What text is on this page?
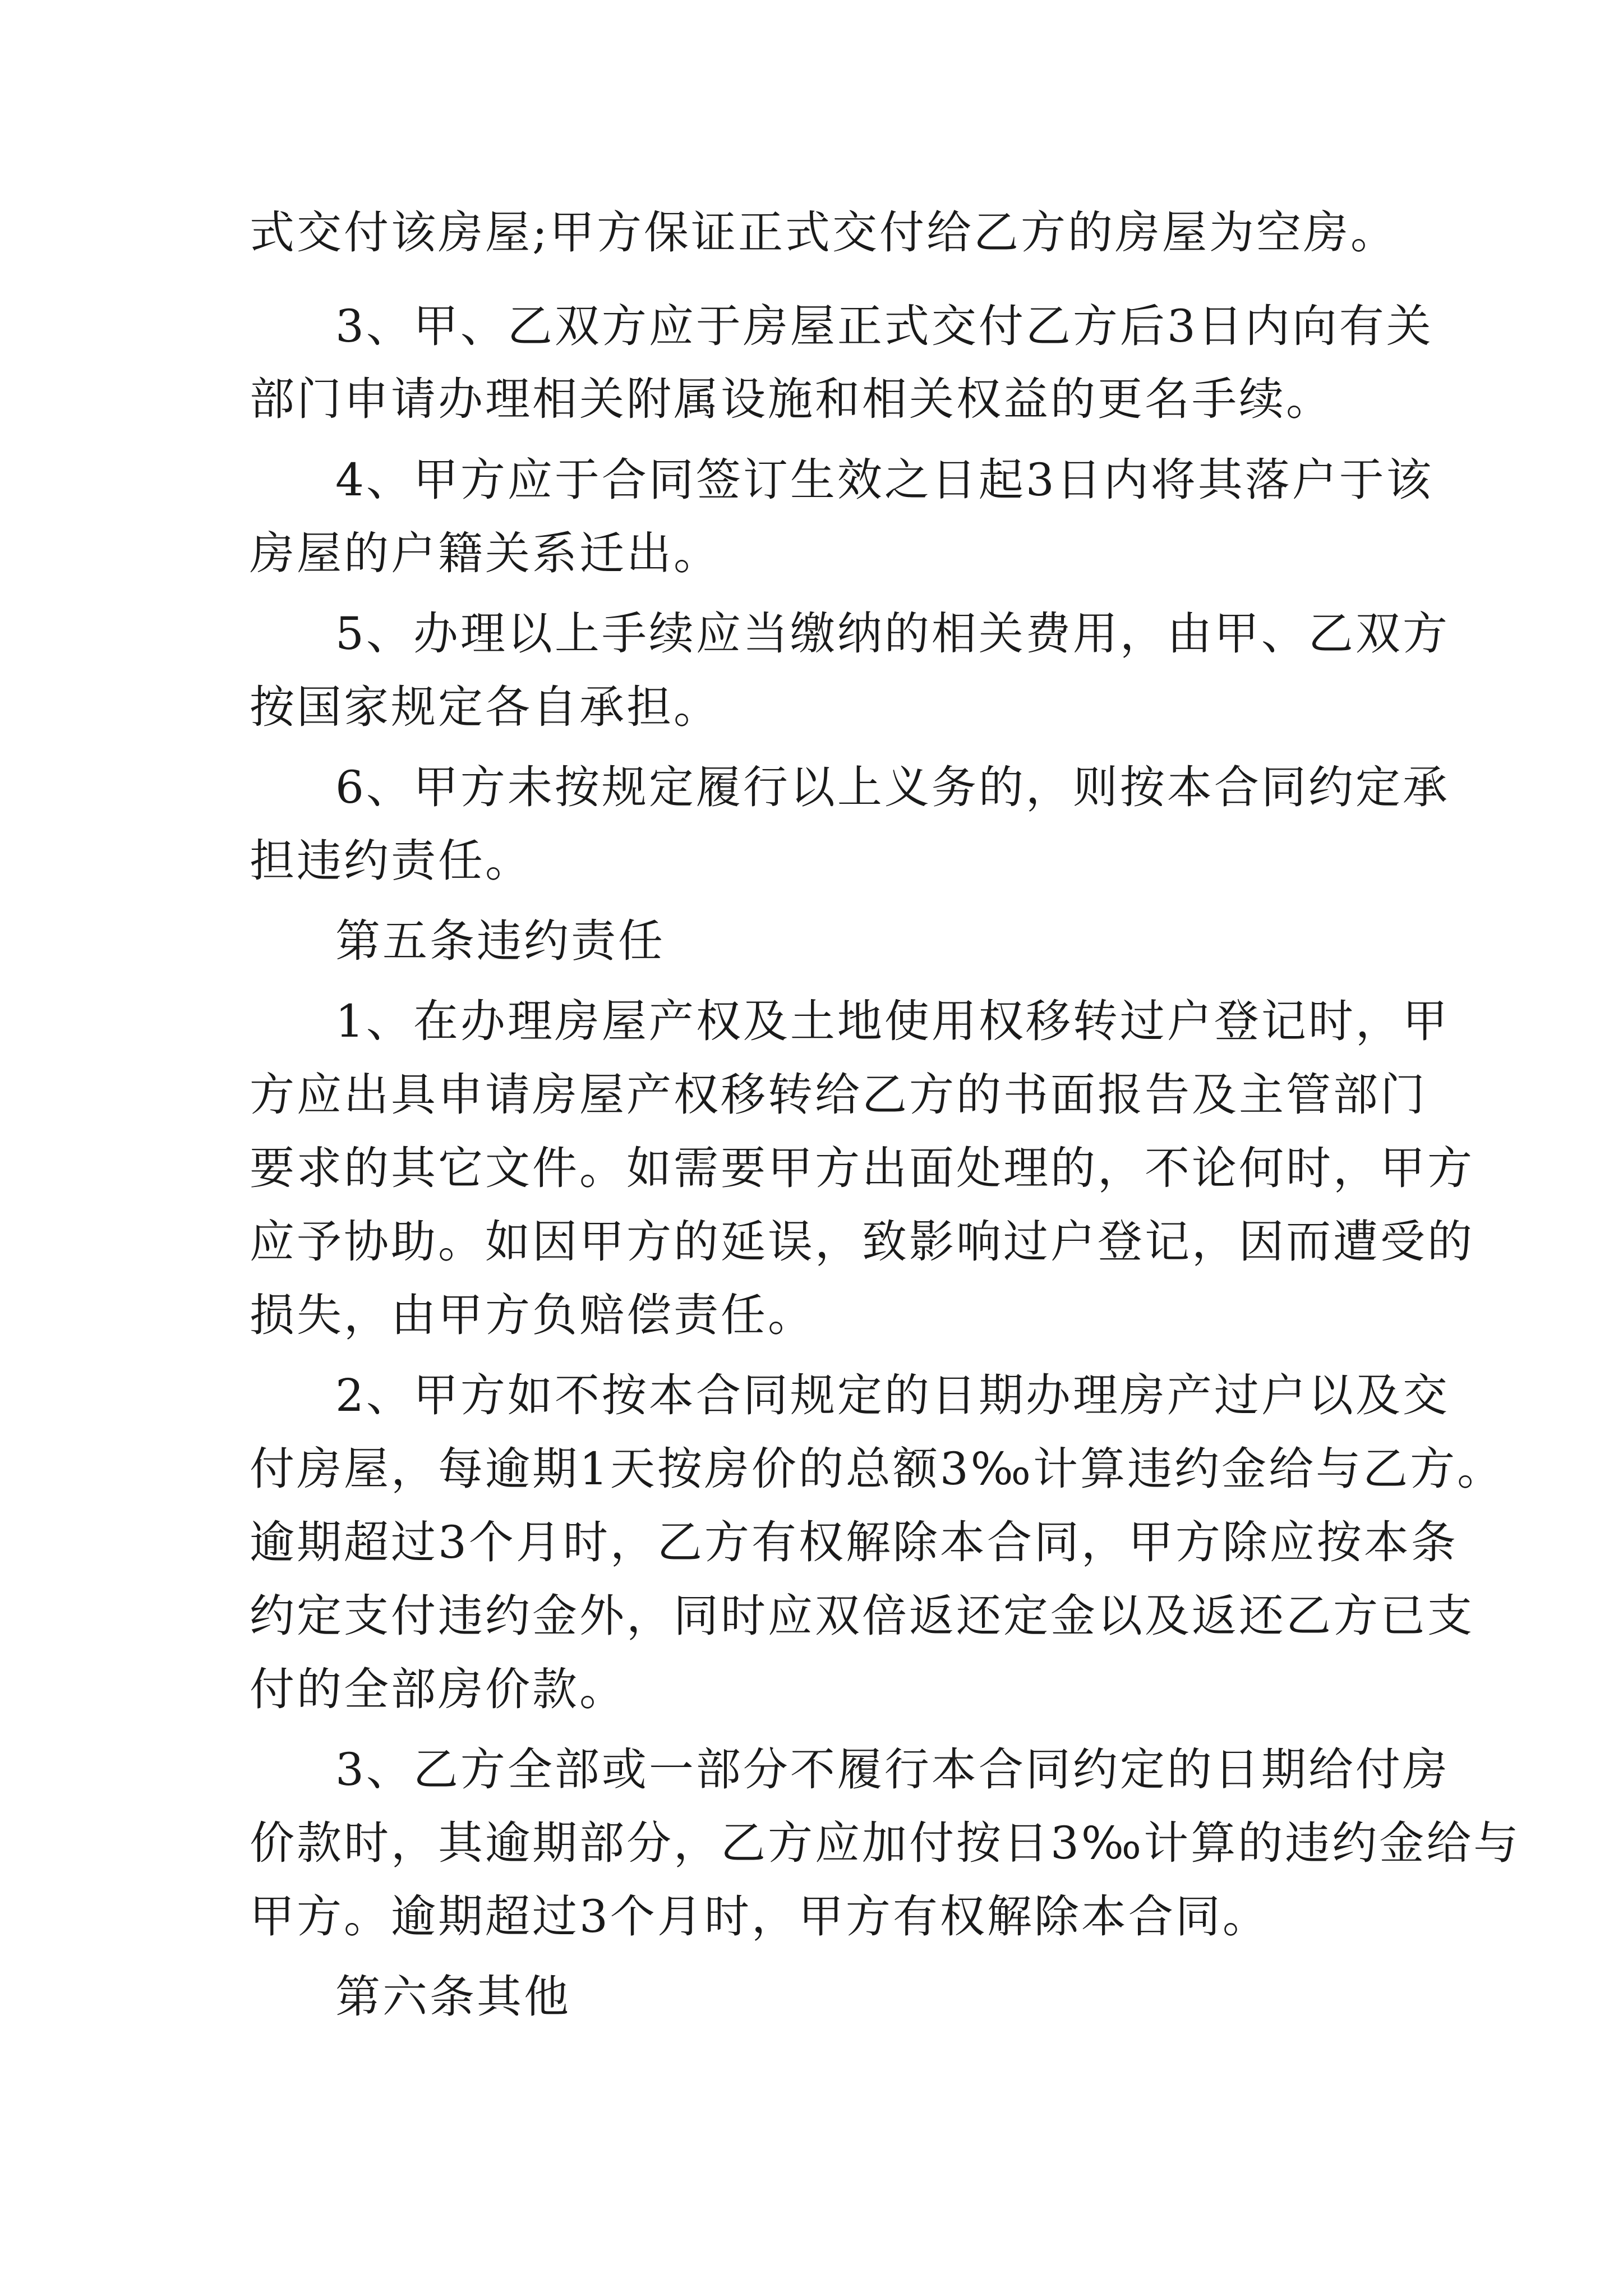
式交付该房屋;甲方保证正式交付给乙方的房屋为空房。
3、甲、乙双方应于房屋正式交付乙方后3日内向有关
部门申请办理相关附属设施和相关权益的更名手续。
4、甲方应于合同签订生效之日起3日内将其落户于该
房屋的户籍关系迁出。
5、办理以上手续应当缴纳的相关费用，由甲、乙双方
按国家规定各自承担。
6、甲方未按规定履行以上义务的，则按本合同约定承
担违约责任。
第五条违约责任
1、在办理房屋产权及土地使用权移转过户登记时，甲
方应出具申请房屋产权移转给乙方的书面报告及主管部门
要求的其它文件。如需要甲方出面处理的，不论何时，甲方
应予协助。如因甲方的延误，致影响过户登记，因而遭受的
损失，由甲方负赔偿责任。
2、甲方如不按本合同规定的日期办理房产过户以及交
付房屋，每逾期1天按房价的总额3‰计算违约金给与乙方。
逾期超过3个月时，乙方有权解除本合同，甲方除应按本条
约定支付违约金外，同时应双倍返还定金以及返还乙方已支
付的全部房价款。
3、乙方全部或一部分不履行本合同约定的日期给付房
价款时，其逾期部分，乙方应加付按日3‰计算的违约金给与
甲方。逾期超过3个月时，甲方有权解除本合同。
第六条其他
